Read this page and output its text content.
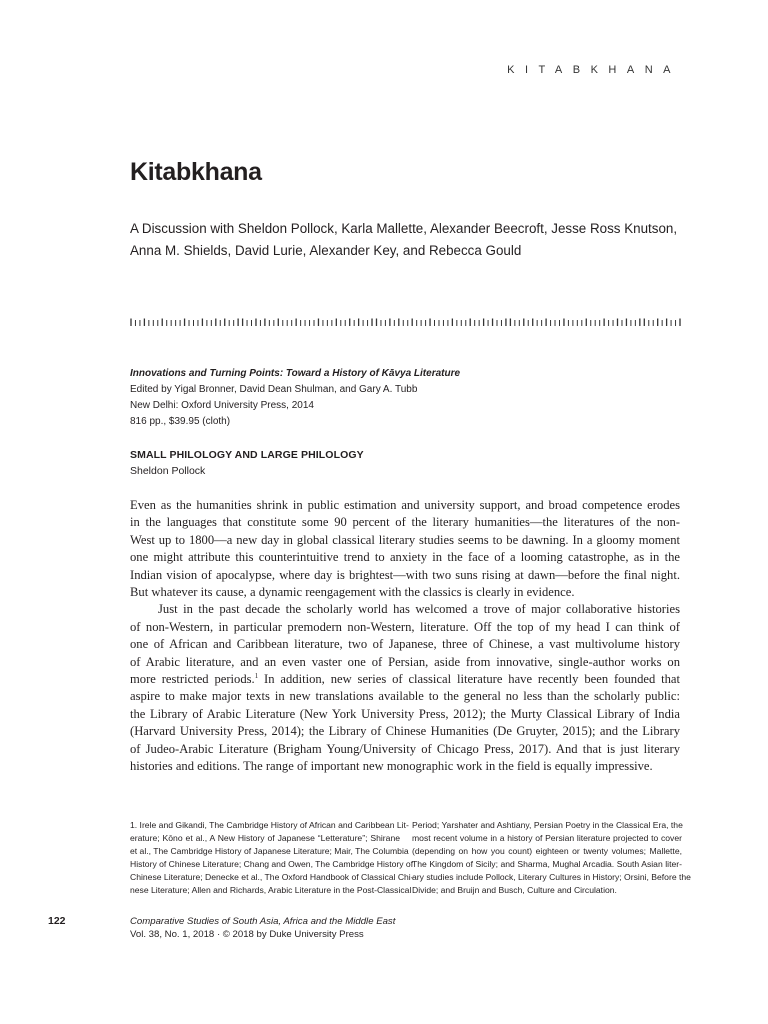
KITABKHANA
Kitabkhana
A Discussion with Sheldon Pollock, Karla Mallette, Alexander Beecroft, Jesse Ross Knutson,
Anna M. Shields, David Lurie, Alexander Key, and Rebecca Gould
Innovations and Turning Points: Toward a History of Kāvya Literature
Edited by Yigal Bronner, David Dean Shulman, and Gary A. Tubb
New Delhi: Oxford University Press, 2014
816 pp., $39.95 (cloth)
SMALL PHILOLOGY AND LARGE PHILOLOGY
Sheldon Pollock

Even as the humanities shrink in public estimation and university support, and broad competence erodes
in the languages that constitute some 90 percent of the literary humanities—the literatures of the non-
West up to 1800—a new day in global classical literary studies seems to be dawning. In a gloomy moment
one might attribute this counterintuitive trend to anxiety in the face of a looming catastrophe, as in the
Indian vision of apocalypse, where day is brightest—with two suns rising at dawn—before the final night.
But whatever its cause, a dynamic reengagement with the classics is clearly in evidence.

Just in the past decade the scholarly world has welcomed a trove of major collaborative histories
of non-Western, in particular premodern non-Western, literature. Off the top of my head I can think of
one of African and Caribbean literature, two of Japanese, three of Chinese, a vast multivolume history
of Arabic literature, and an even vaster one of Persian, aside from innovative, single-author works on
more restricted periods.$^1$ In addition, new series of classical literature have recently been founded that
aspire to make major texts in new translations available to the general no less than the scholarly public:
the Library of Arabic Literature (New York University Press, 2012); the Murty Classical Library of India
(Harvard University Press, 2014); the Library of Chinese Humanities (De Gruyter, 2015); and the Library
of Judeo-Arabic Literature (Brigham Young/University of Chicago Press, 2017). And that is just literary
histories and editions. The range of important new monographic work in the field is equally impressive.

1. Irele and Gikandi, The Cambridge History of African and Caribbean Lit-
erature; Kōno et al., A New History of Japanese “Letterature”; Shirane
et al., The Cambridge History of Japanese Literature; Mair, The Columbia
History of Chinese Literature; Chang and Owen, The Cambridge History of
Chinese Literature; Denecke et al., The Oxford Handbook of Classical Chi-
nese Literature; Allen and Richards, Arabic Literature in the Post-Classical
Period; Yarshater and Ashtiany, Persian Poetry in the Classical Era, the
most recent volume in a history of Persian literature projected to cover
(depending on how you count) eighteen or twenty volumes; Mallette,
The Kingdom of Sicily; and Sharma, Mughal Arcadia. South Asian liter-
ary studies include Pollock, Literary Cultures in History; Orsini, Before the
Divide; and Bruijn and Busch, Culture and Circulation.
122	Comparative Studies of South Asia, Africa and the Middle East
Vol. 38, No. 1, 2018 · © 2018 by Duke University Press
